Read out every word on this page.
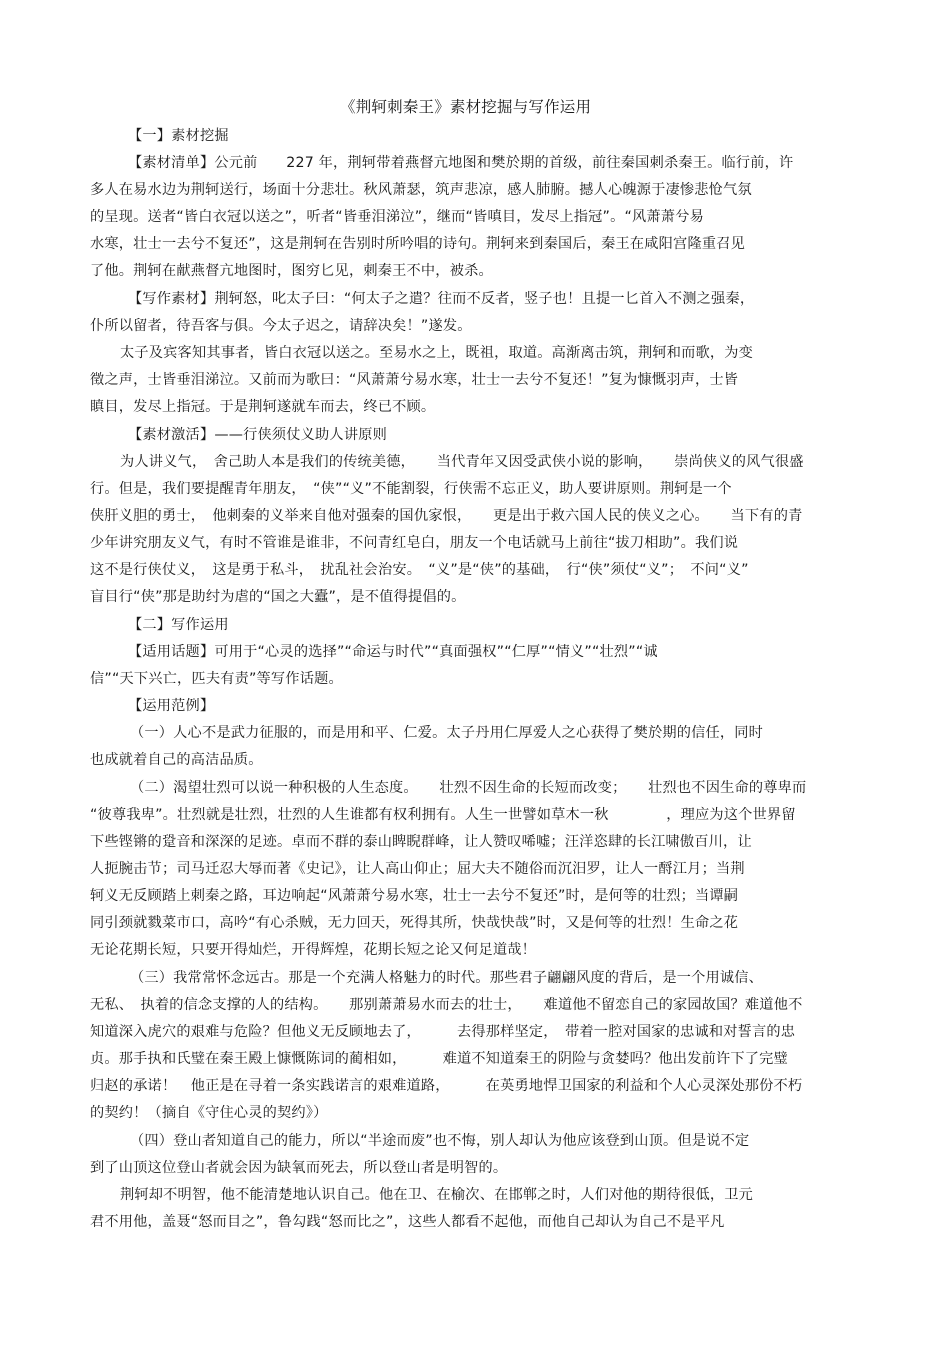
《荆轲刺秦王》素材挖掘与写作运用
【一】素材挖掘
【素材清单】公元前　　227 年，荆轲带着燕督亢地图和樊於期的首级，前往秦国刺杀秦王。临行前，许
多人在易水边为荆轲送行，场面十分悲壮。秋风萧瑟，筑声悲凉，感人肺腑。撼人心魄源于凄惨悲怆气氛
的呈现。送者“皆白衣冠以送之”，听者“皆垂泪涕泣”，继而“皆嗔目，发尽上指冠”。“风萧萧兮易
水寒，壮士一去兮不复还”，这是荆轲在告别时所吟唱的诗句。荆轲来到秦国后，秦王在咸阳宫隆重召见
了他。荆轲在献燕督亢地图时，图穷匕见，刺秦王不中，被杀。
【写作素材】荆轲怒，叱太子曰：“何太子之遣？往而不反者，竖子也！且提一匕首入不测之强秦，
仆所以留者，待吾客与俱。今太子迟之，请辞决矣！”遂发。
太子及宾客知其事者，皆白衣冠以送之。至易水之上，既祖，取道。高渐离击筑，荆轲和而歌，为变
徵之声，士皆垂泪涕泣。又前而为歌曰：“风萧萧兮易水寒，壮士一去兮不复还！”复为慷慨羽声，士皆
瞋目，发尽上指冠。于是荆轲遂就车而去，终已不顾。
【素材激活】——行侠须仗义助人讲原则
为人讲义气，　舍己助人本是我们的传统美德，　　当代青年又因受武侠小说的影响，　　崇尚侠义的风气很盛
行。但是，我们要提醒青年朋友，　“侠”“义”不能割裂，行侠需不忘正义，助人要讲原则。荆轲是一个
侠肝义胆的勇士，　他刺秦的义举来自他对强秦的国仇家恨，　　更是出于救六国人民的侠义之心。　　当下有的青
少年讲究朋友义气，有时不管谁是谁非，不问青红皂白，朋友一个电话就马上前往“拔刀相助”。我们说
这不是行侠仗义，　这是勇于私斗，　扰乱社会治安。　“义”是“侠”的基础，　行“侠”须仗“义”；　不问“义”
盲目行“侠”那是助纣为虐的“国之大蠹”，是不值得提倡的。
【二】写作运用
【适用话题】可用于“心灵的选择”“命运与时代”“真面强权”“仁厚”“情义”“壮烈”“诚
信”“天下兴亡，匹夫有责”等写作话题。
【运用范例】
（一）人心不是武力征服的，而是用和平、仁爱。太子丹用仁厚爱人之心获得了樊於期的信任，同时
也成就着自己的高洁品质。
（二）渴望壮烈可以说一种积极的人生态度。　　壮烈不因生命的长短而改变；　　壮烈也不因生命的尊卑而
“彼尊我卑”。壮烈就是壮烈，壮烈的人生谁都有权利拥有。人生一世譬如草木一秋　　　　，理应为这个世界留
下些铿锵的跫音和深深的足迹。卓而不群的泰山睥睨群峰，让人赞叹唏嘘；汪洋恣肆的长江啸傲百川，让
人扼腕击节；司马迁忍大辱而著《史记》，让人高山仰止；屈大夫不随俗而沉汨罗，让人一酹江月；当荆
轲义无反顾踏上刺秦之路，耳边响起“风萧萧兮易水寒，壮士一去兮不复还”时，是何等的壮烈；当谭嗣
同引颈就戮菜市口，高吟“有心杀贼，无力回天，死得其所，快哉快哉”时，又是何等的壮烈！生命之花
无论花期长短，只要开得灿烂，开得辉煌，花期长短之论又何足道哉！
（三）我常常怀念远古。那是一个充满人格魅力的时代。那些君子翩翩风度的背后，是一个用诚信、
无私、　执着的信念支撑的人的结构。　　那别萧萧易水而去的壮士，　　难道他不留恋自己的家园故国？难道他不
知道深入虎穴的艰难与危险？但他义无反顾地去了，　　　去得那样坚定，　带着一腔对国家的忠诚和对誓言的忠
贞。那手执和氏璧在秦王殿上慷慨陈词的蔺相如，　　　难道不知道秦王的阴险与贪婪吗？他出发前许下了完璧
归赵的承诺！　他正是在寻着一条实践诺言的艰难道路，　　　在英勇地悍卫国家的利益和个人心灵深处那份不朽
的契约！（摘自《守住心灵的契约》）
（四）登山者知道自己的能力，所以“半途而废”也不悔，别人却认为他应该登到山顶。但是说不定
到了山顶这位登山者就会因为缺氧而死去，所以登山者是明智的。
荆轲却不明智，他不能清楚地认识自己。他在卫、在榆次、在邯郸之时，人们对他的期待很低，卫元
君不用他，盖聂“怒而目之”，鲁勾践“怒而比之”，这些人都看不起他，而他自己却认为自己不是平凡
